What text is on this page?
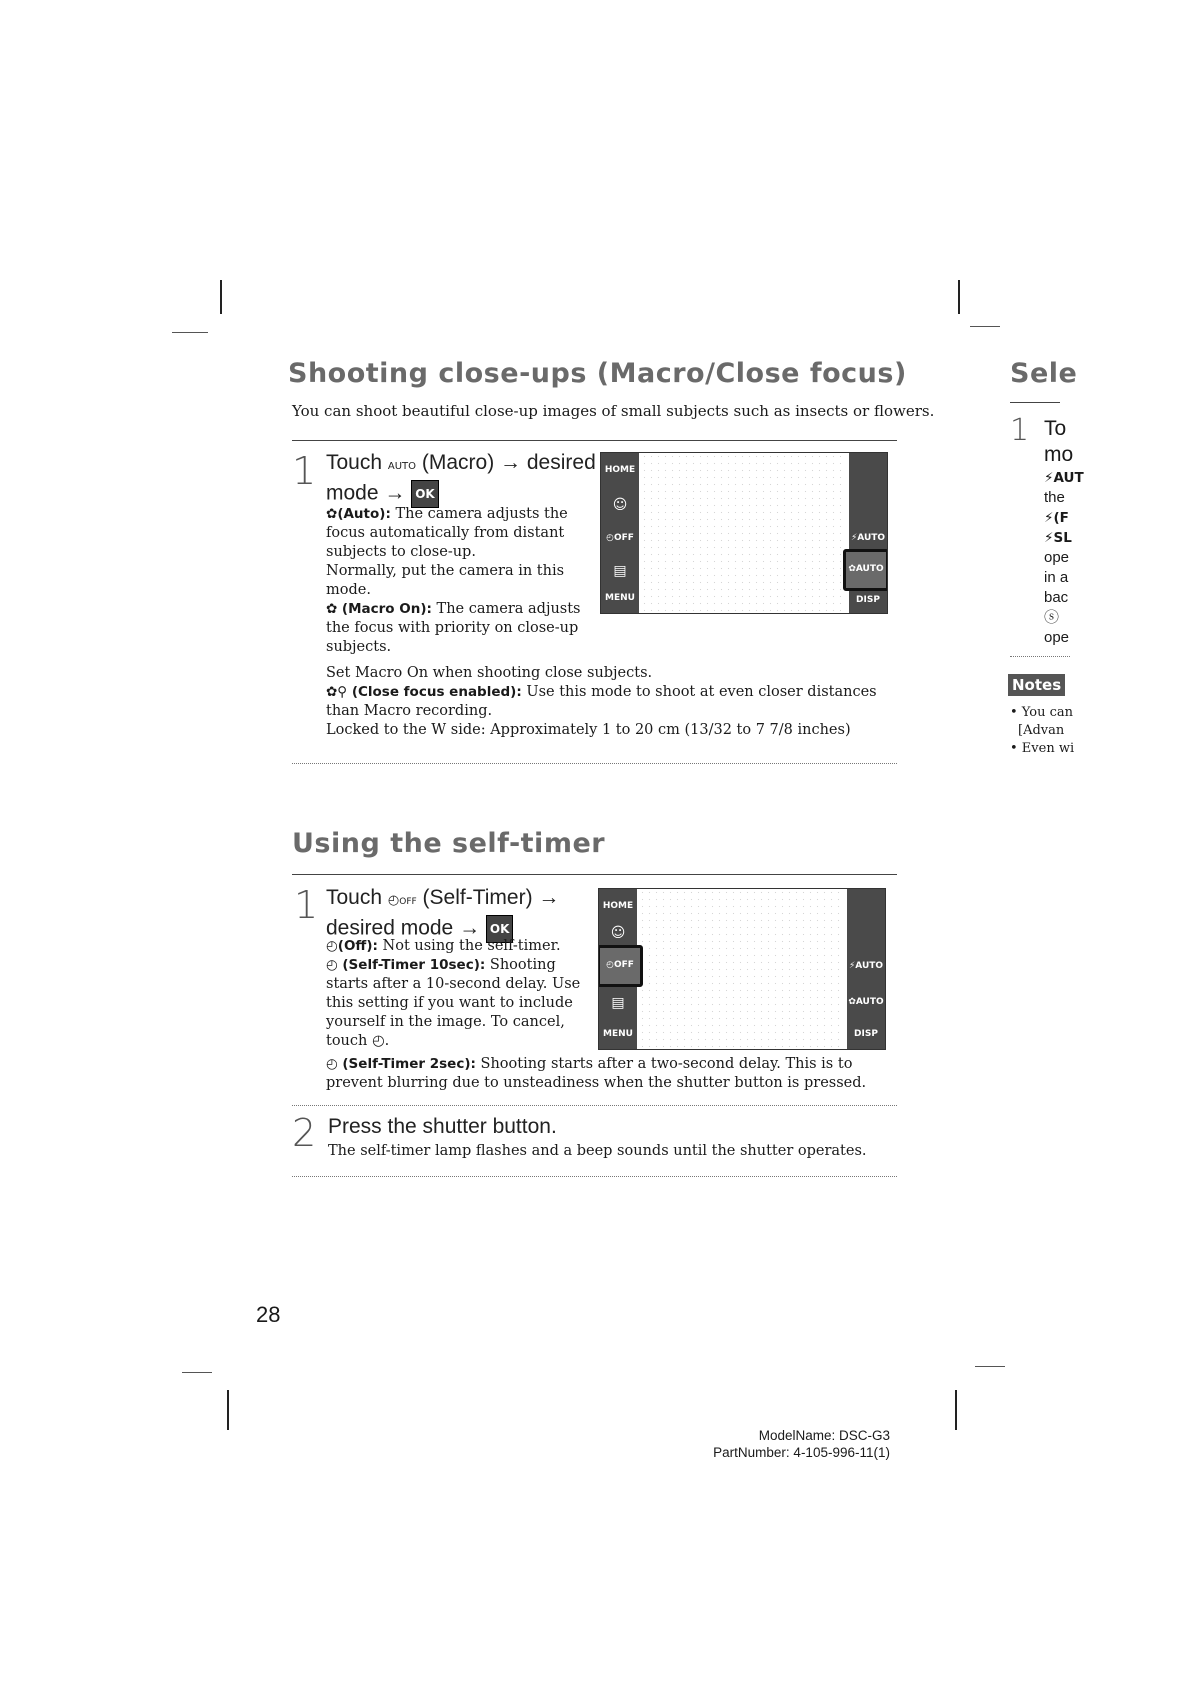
Shooting close-ups (Macro/Close focus)
You can shoot beautiful close-up images of small subjects such as insects or flowers.
1 Touch AUTO (Macro) → desired
mode → OK
✿(Auto): The camera adjusts the focus automatically from distant subjects to close-up.
Normally, put the camera in this mode.
✿ (Macro On): The camera adjusts the focus with priority on close-up subjects.
Set Macro On when shooting close subjects.
✿⚲ (Close focus enabled): Use this mode to shoot at even closer distances than Macro recording.
Locked to the W side: Approximately 1 to 20 cm (13/32 to 7 7/8 inches)
HOME
☺
◴OFF
▤
MENU
⚡AUTO
✿AUTO
DISP
Using the self-timer
1 Touch ◴OFF (Self-Timer) →
desired mode → OK
◴(Off): Not using the self-timer.
◴ (Self-Timer 10sec): Shooting starts after a 10-second delay. Use this setting if you want to include yourself in the image. To cancel, touch ◴.
◴ (Self-Timer 2sec): Shooting starts after a two-second delay. This is to prevent blurring due to unsteadiness when the shutter button is pressed.
HOME
☺
◴OFF
▤
MENU
⚡AUTO
✿AUTO
DISP
2 Press the shutter button.
The self-timer lamp flashes and a beep sounds until the shutter operates.
28
Sele
1 To
mo
⚡AUT
the
⚡(F
⚡SL
ope
in a
bac
ⓢ
ope
Notes
• You can
[Advan
• Even wi
ModelName: DSC-G3
PartNumber: 4-105-996-11(1)
